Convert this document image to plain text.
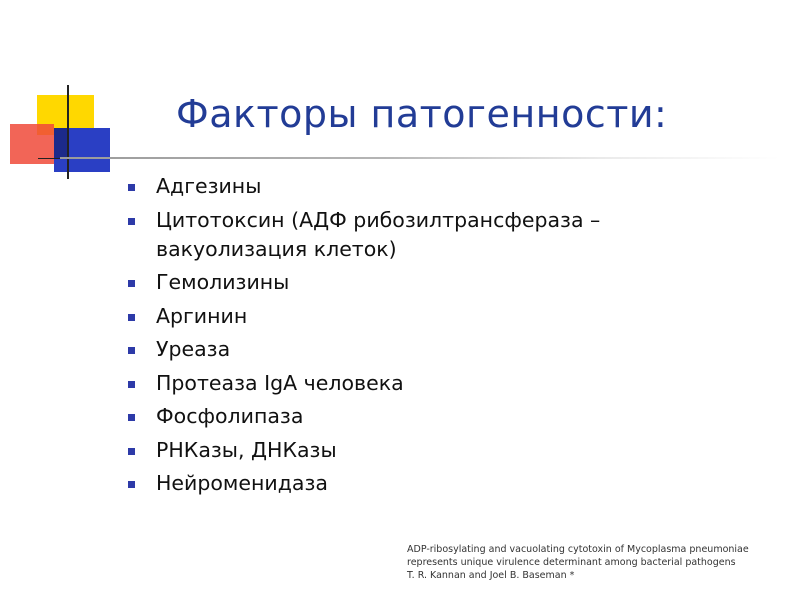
Факторы патогенности:
Адгезины
Цитотоксин (АДФ рибозилтрансфераза – вакуолизация клеток)
Гемолизины
Аргинин
Уреаза
Протеаза IgA человека
Фосфолипаза
РНКазы, ДНКазы
Нейроменидаза
ADP-ribosylating and vacuolating cytotoxin of Mycoplasma pneumoniae
represents unique virulence determinant among bacterial pathogens
T. R. Kannan and Joel B. Baseman *
